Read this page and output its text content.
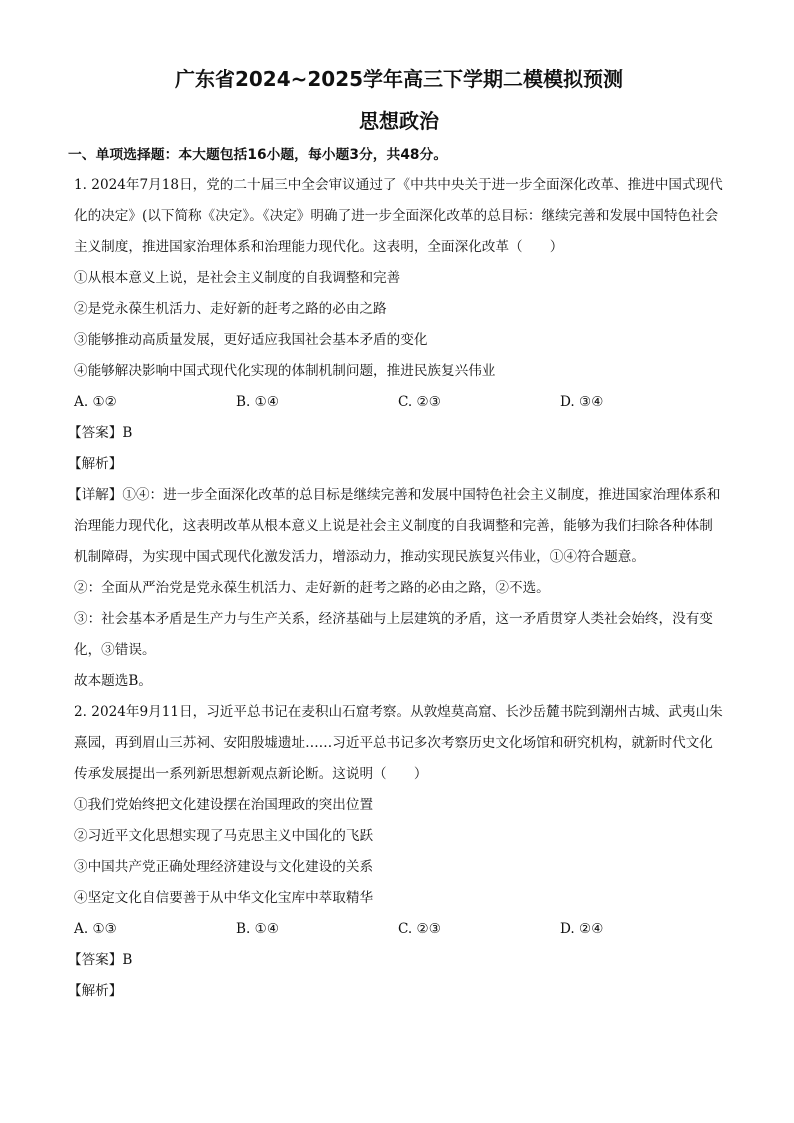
广东省2024~2025学年高三下学期二模模拟预测
思想政治
一、单项选择题：本大题包括16小题，每小题3分，共48分。

1. 2024年7月18日，党的二十届三中全会审议通过了《中共中央关于进一步全面深化改革、推进中国式现代化的决定》(以下简称《决定》。《决定》明确了进一步全面深化改革的总目标：继续完善和发展中国特色社会主义制度，推进国家治理体系和治理能力现代化。这表明，全面深化改革（　　）

①从根本意义上说，是社会主义制度的自我调整和完善

②是党永葆生机活力、走好新的赶考之路的必由之路

③能够推动高质量发展，更好适应我国社会基本矛盾的变化

④能够解决影响中国式现代化实现的体制机制问题，推进民族复兴伟业

A. ①②	B. ①④	C. ②③	D. ③④

【答案】B

【解析】

【详解】①④：进一步全面深化改革的总目标是继续完善和发展中国特色社会主义制度，推进国家治理体系和治理能力现代化，这表明改革从根本意义上说是社会主义制度的自我调整和完善，能够为我们扫除各种体制机制障碍，为实现中国式现代化激发活力，增添动力，推动实现民族复兴伟业，①④符合题意。

②：全面从严治党是党永葆生机活力、走好新的赶考之路的必由之路，②不选。

③：社会基本矛盾是生产力与生产关系，经济基础与上层建筑的矛盾，这一矛盾贯穿人类社会始终，没有变化，③错误。

故本题选B。

2. 2024年9月11日，习近平总书记在麦积山石窟考察。从敦煌莫高窟、长沙岳麓书院到潮州古城、武夷山朱熹园，再到眉山三苏祠、安阳殷墟遗址……习近平总书记多次考察历史文化场馆和研究机构，就新时代文化传承发展提出一系列新思想新观点新论断。这说明（　　）

①我们党始终把文化建设摆在治国理政的突出位置

②习近平文化思想实现了马克思主义中国化的飞跃

③中国共产党正确处理经济建设与文化建设的关系

④坚定文化自信要善于从中华文化宝库中萃取精华

A. ①③	B. ①④	C. ②③	D. ②④

【答案】B

【解析】
